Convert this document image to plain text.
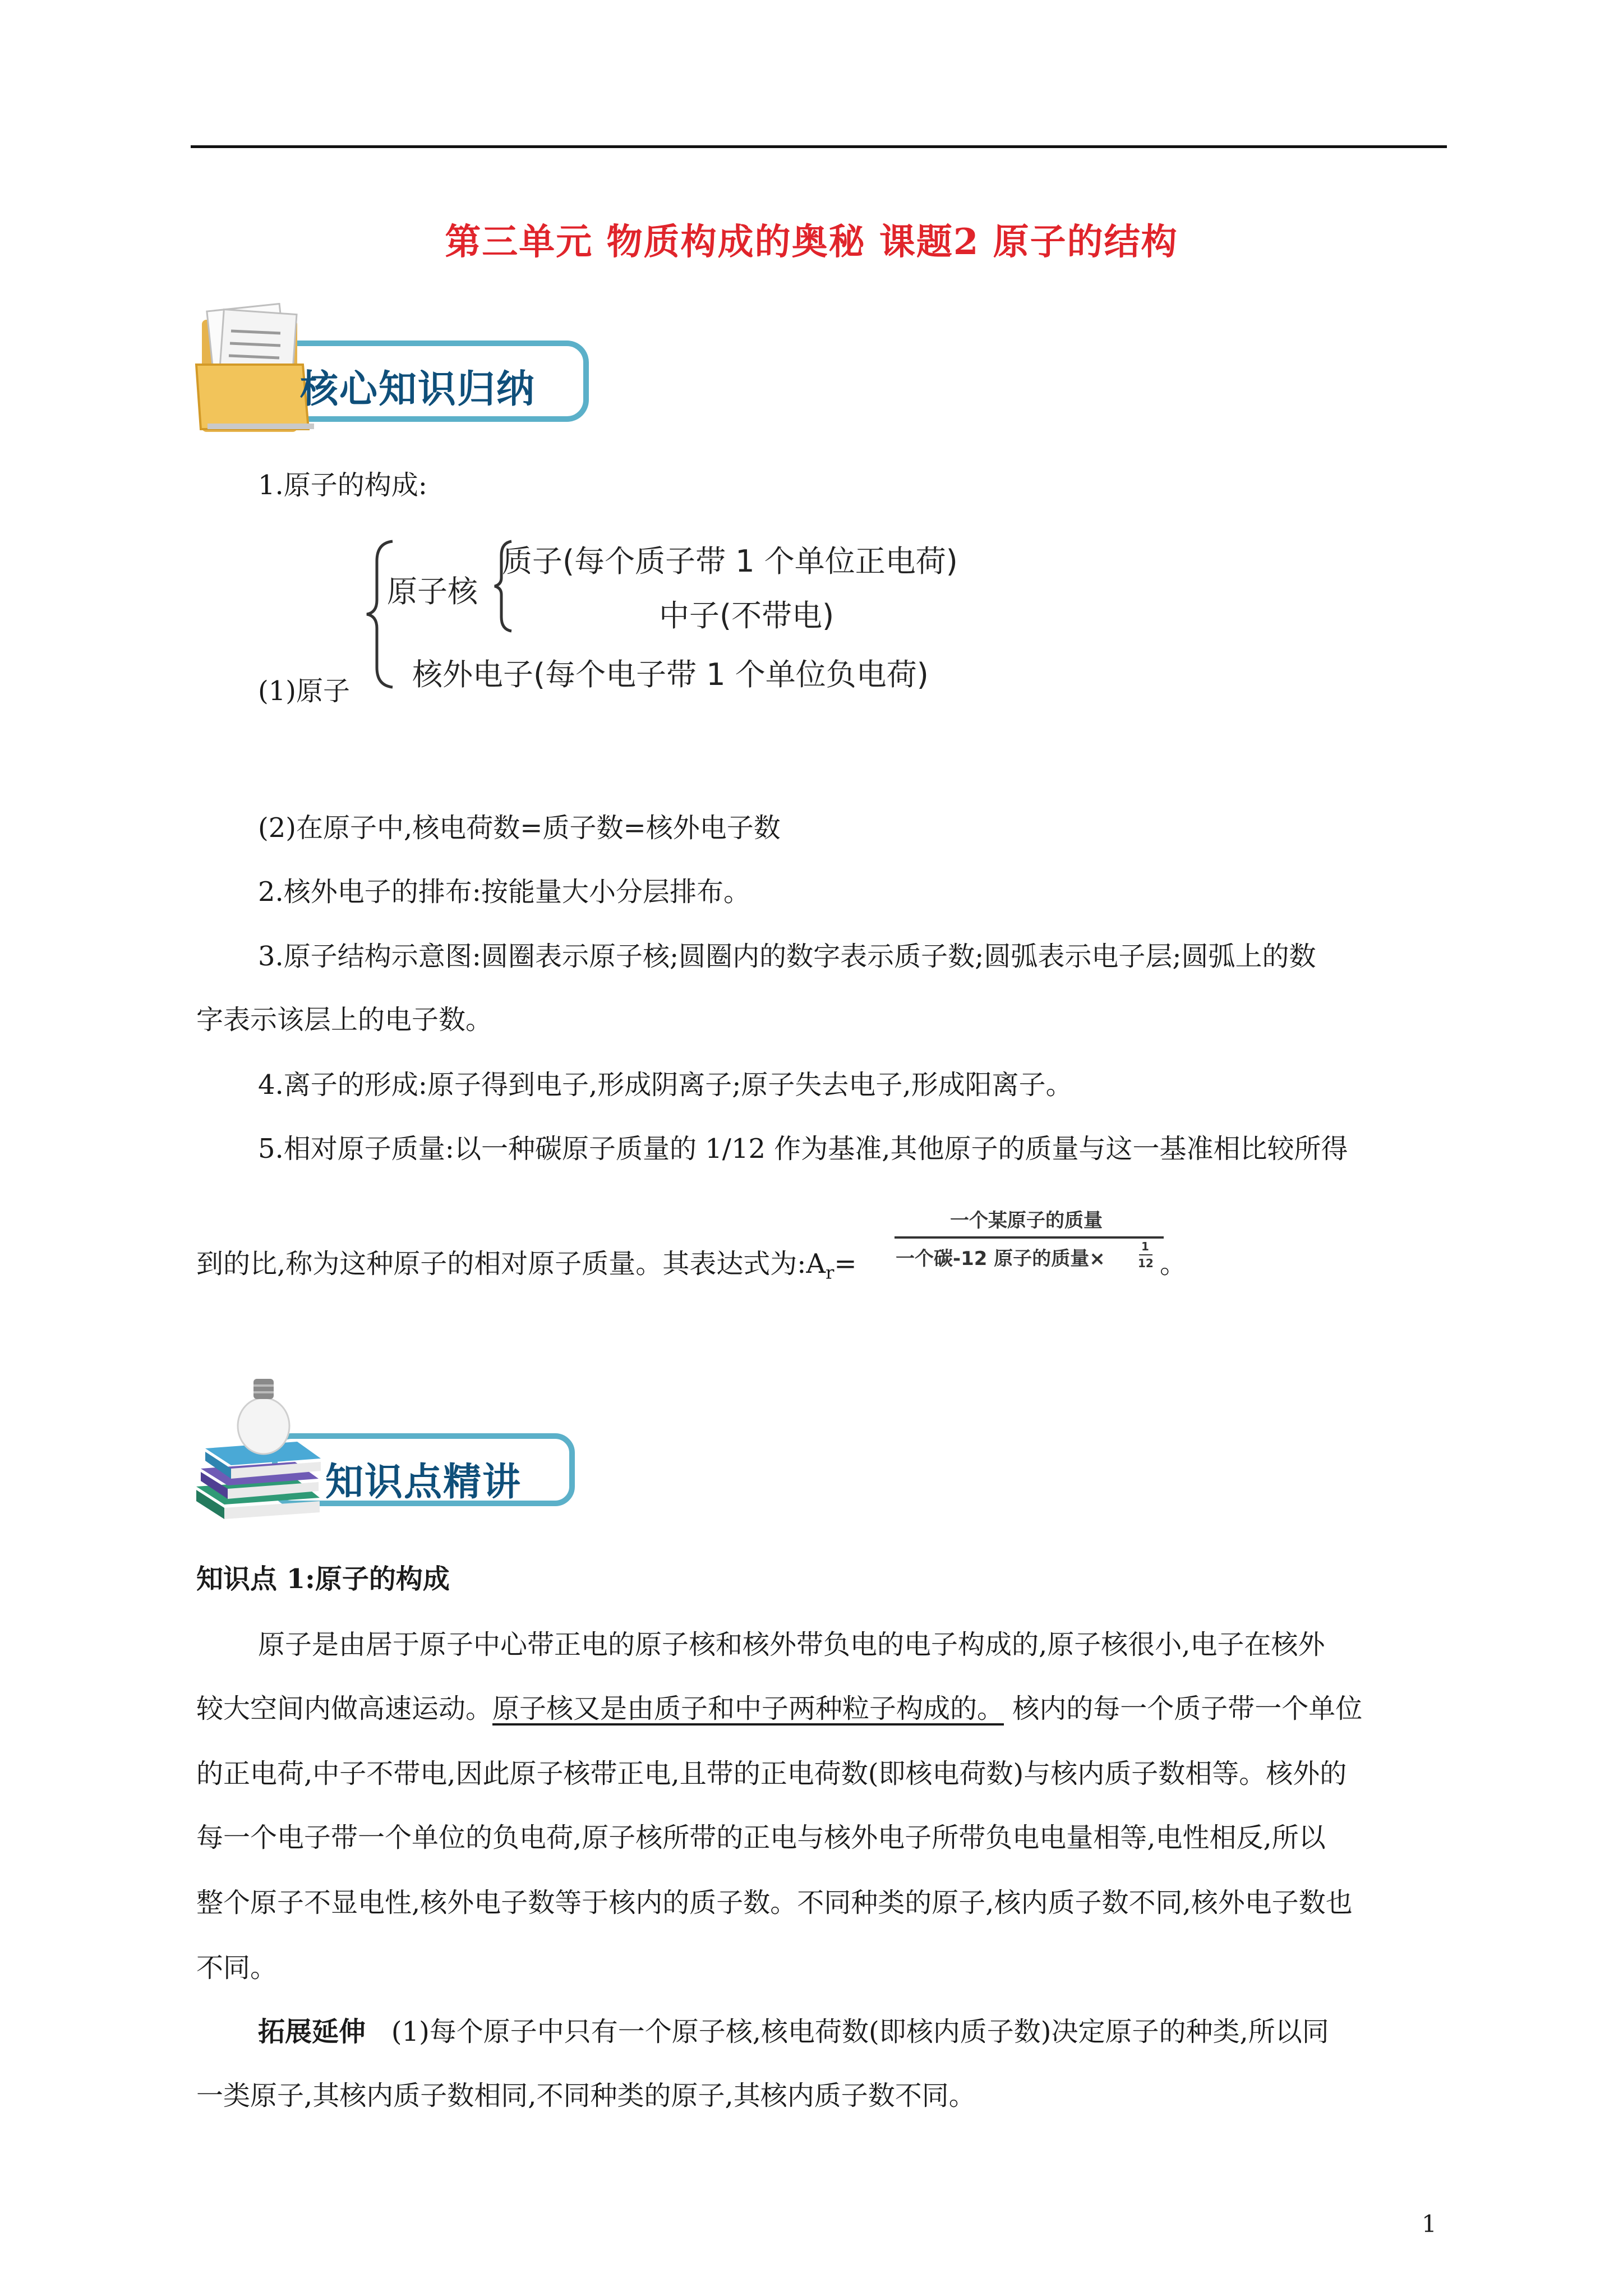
第三单元 物质构成的奥秘 课题2 原子的结构
核心知识归纳
1.原子的构成:
原子核
质子(每个质子带 1 个单位正电荷)
中子(不带电)
核外电子(每个电子带 1 个单位负电荷)
(1)原子
(2)在原子中,核电荷数=质子数=核外电子数
2.核外电子的排布:按能量大小分层排布。
3.原子结构示意图:圆圈表示原子核;圆圈内的数字表示质子数;圆弧表示电子层;圆弧上的数
字表示该层上的电子数。
4.离子的形成:原子得到电子,形成阴离子;原子失去电子,形成阳离子。
5.相对原子质量:以一种碳原子质量的 1/12 作为基准,其他原子的质量与这一基准相比较所得
到的比,称为这种原子的相对原子质量。其表达式为$:A_r=$
一个某原子的质量
一个碳-12 原子的质量×
1
12 。
知识点精讲
知识点 1:原子的构成
原子是由居于原子中心带正电的原子核和核外带负电的电子构成的,原子核很小,电子在核外
较大空间内做高速运动。原子核又是由质子和中子两种粒子构成的。 核内的每一个质子带一个单位
的正电荷,中子不带电,因此原子核带正电,且带的正电荷数(即核电荷数)与核内质子数相等。核外的
每一个电子带一个单位的负电荷,原子核所带的正电与核外电子所带负电电量相等,电性相反,所以
整个原子不显电性,核外电子数等于核内的质子数。不同种类的原子,核内质子数不同,核外电子数也
不同。
拓展延伸 (1)每个原子中只有一个原子核,核电荷数(即核内质子数)决定原子的种类,所以同
一类原子,其核内质子数相同,不同种类的原子,其核内质子数不同。
1
